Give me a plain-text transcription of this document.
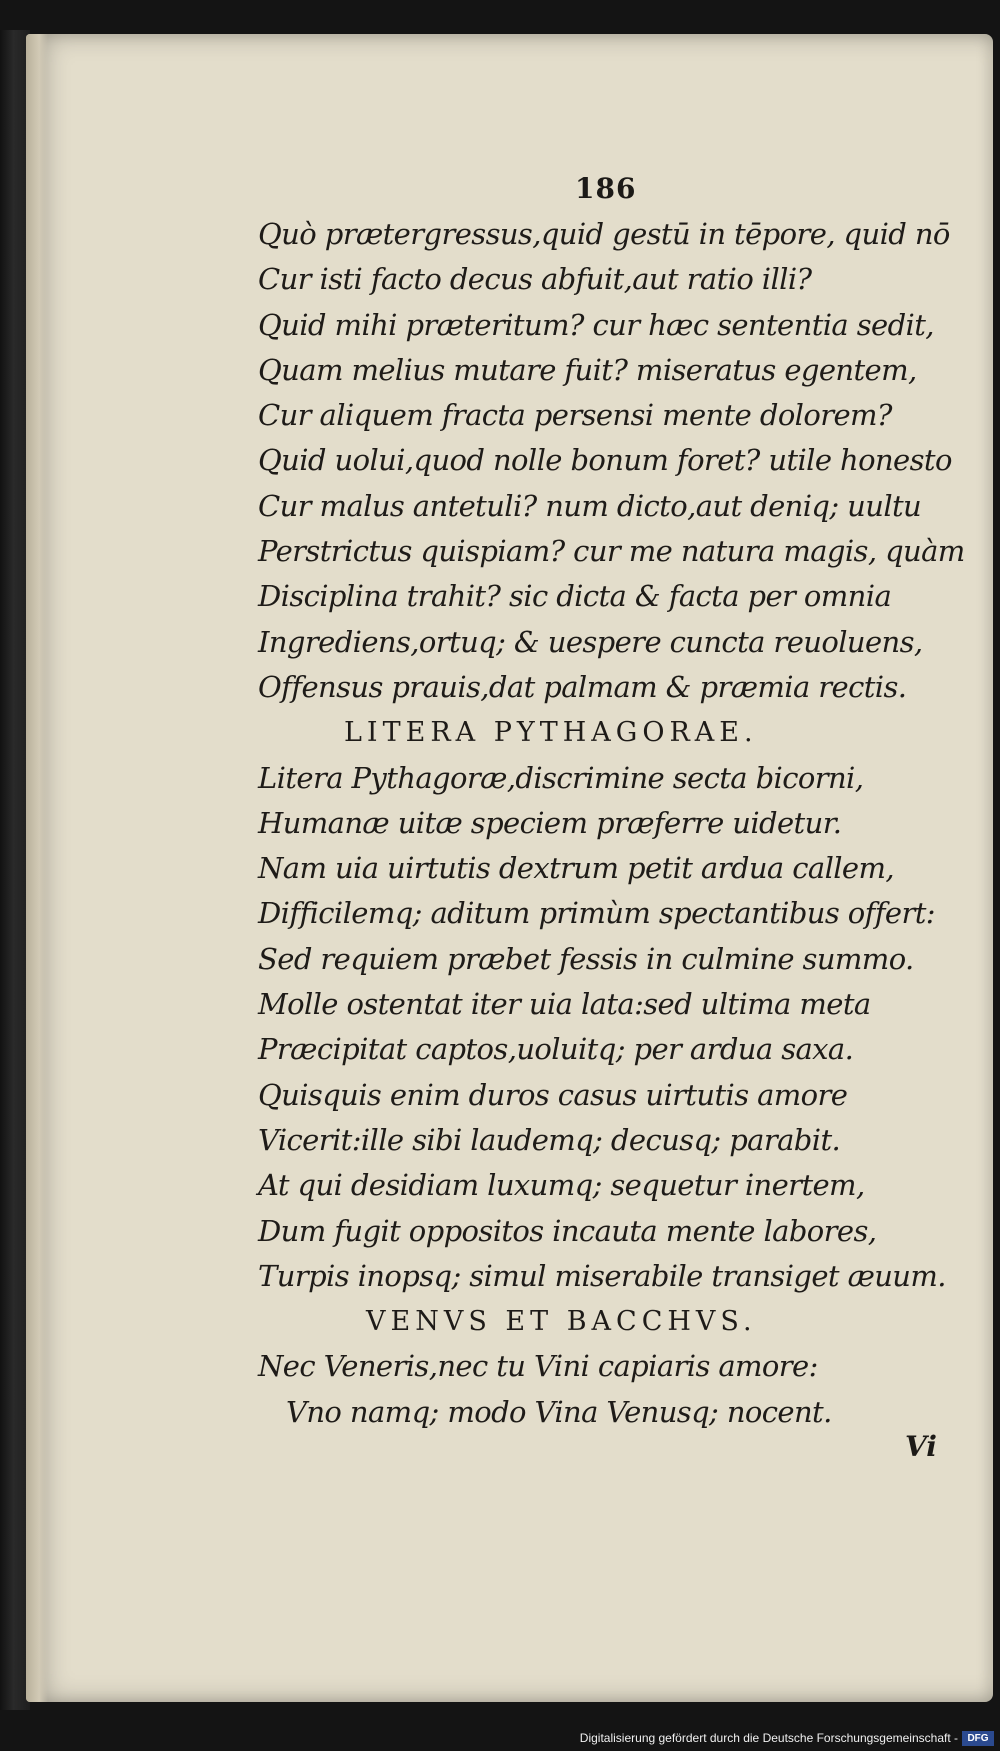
186
Quò prætergressus,quid gestū in tēpore, quid nō
Cur isti facto decus abfuit,aut ratio illi?
Quid mihi præteritum? cur hæc sententia sedit,
Quam melius mutare fuit? miseratus egentem,
Cur aliquem fracta persensi mente dolorem?
Quid uolui,quod nolle bonum foret? utile honesto
Cur malus antetuli? num dicto,aut deniq; uultu
Perstrictus quispiam? cur me natura magis, quàm
Disciplina trahit? sic dicta & facta per omnia
Ingrediens,ortuq; & uespere cuncta reuoluens,
Offensus prauis,dat palmam & præmia rectis.
LITERA PYTHAGORAE.
Litera Pythagoræ,discrimine secta bicorni,
Humanæ uitæ speciem præferre uidetur.
Nam uia uirtutis dextrum petit ardua callem,
Difficilemq; aditum primùm spectantibus offert:
Sed requiem præbet fessis in culmine summo.
Molle ostentat iter uia lata:sed ultima meta
Præcipitat captos,uoluitq; per ardua saxa.
Quisquis enim duros casus uirtutis amore
Vicerit:ille sibi laudemq; decusq; parabit.
At qui desidiam luxumq; sequetur inertem,
Dum fugit oppositos incauta mente labores,
Turpis inopsq; simul miserabile transiget æuum.
VENVS ET BACCHVS.
Nec Veneris,nec tu Vini capiaris amore:
Vno namq; modo Vina Venusq; nocent.
Vi
Digitalisierung gefördert durch die Deutsche Forschungsgemeinschaft - DFG
